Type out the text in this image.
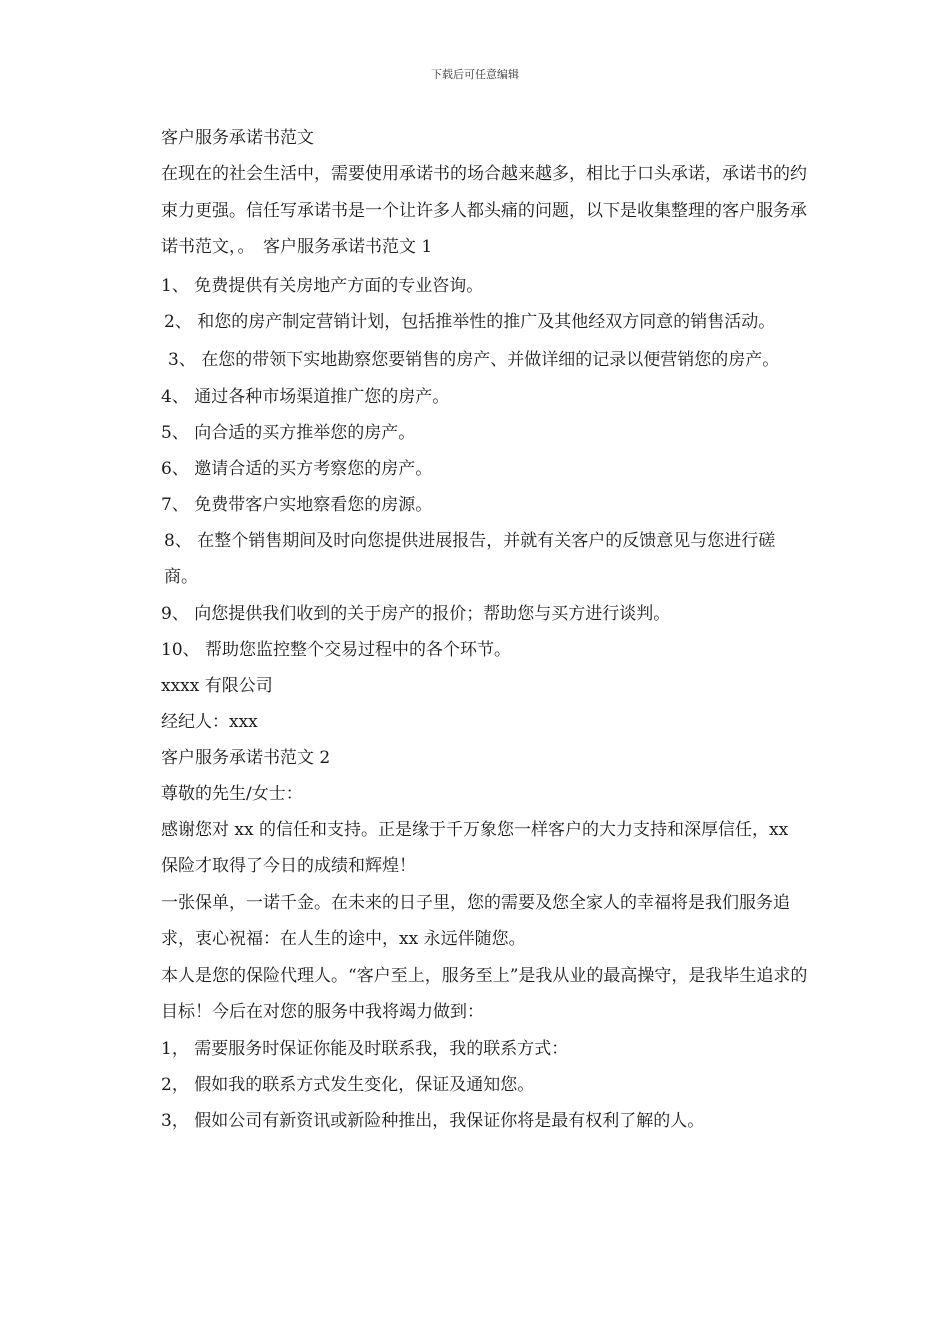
下载后可任意编辑

客户服务承诺书范文

在现在的社会生活中，需要使用承诺书的场合越来越多，相比于口头承诺，承诺书的约束力更强。信任写承诺书是一个让许多人都头痛的问题，以下是收集整理的客户服务承诺书范文，。　客户服务承诺书范文 1

1、 免费提供有关房地产方面的专业咨询。

2、 和您的房产制定营销计划，包括推举性的推广及其他经双方同意的销售活动。

3、 在您的带领下实地勘察您要销售的房产、并做详细的记录以便营销您的房产。

4、 通过各种市场渠道推广您的房产。

5、 向合适的买方推举您的房产。

6、 邀请合适的买方考察您的房产。

7、 免费带客户实地察看您的房源。

8、 在整个销售期间及时向您提供进展报告，并就有关客户的反馈意见与您进行磋商。

9、 向您提供我们收到的关于房产的报价；帮助您与买方进行谈判。

10、 帮助您监控整个交易过程中的各个环节。

xxxx 有限公司

经纪人：xxx

客户服务承诺书范文 2

尊敬的先生/女士：

感谢您对 xx 的信任和支持。正是缘于千万象您一样客户的大力支持和深厚信任，xx 保险才取得了今日的成绩和辉煌！

一张保单，一诺千金。在未来的日子里，您的需要及您全家人的幸福将是我们服务追求，衷心祝福：在人生的途中，xx 永远伴随您。

本人是您的保险代理人。“客户至上，服务至上”是我从业的最高操守，是我毕生追求的目标！今后在对您的服务中我将竭力做到：

1， 需要服务时保证你能及时联系我，我的联系方式：

2， 假如我的联系方式发生变化，保证及通知您。

3， 假如公司有新资讯或新险种推出，我保证你将是最有权利了解的人。
